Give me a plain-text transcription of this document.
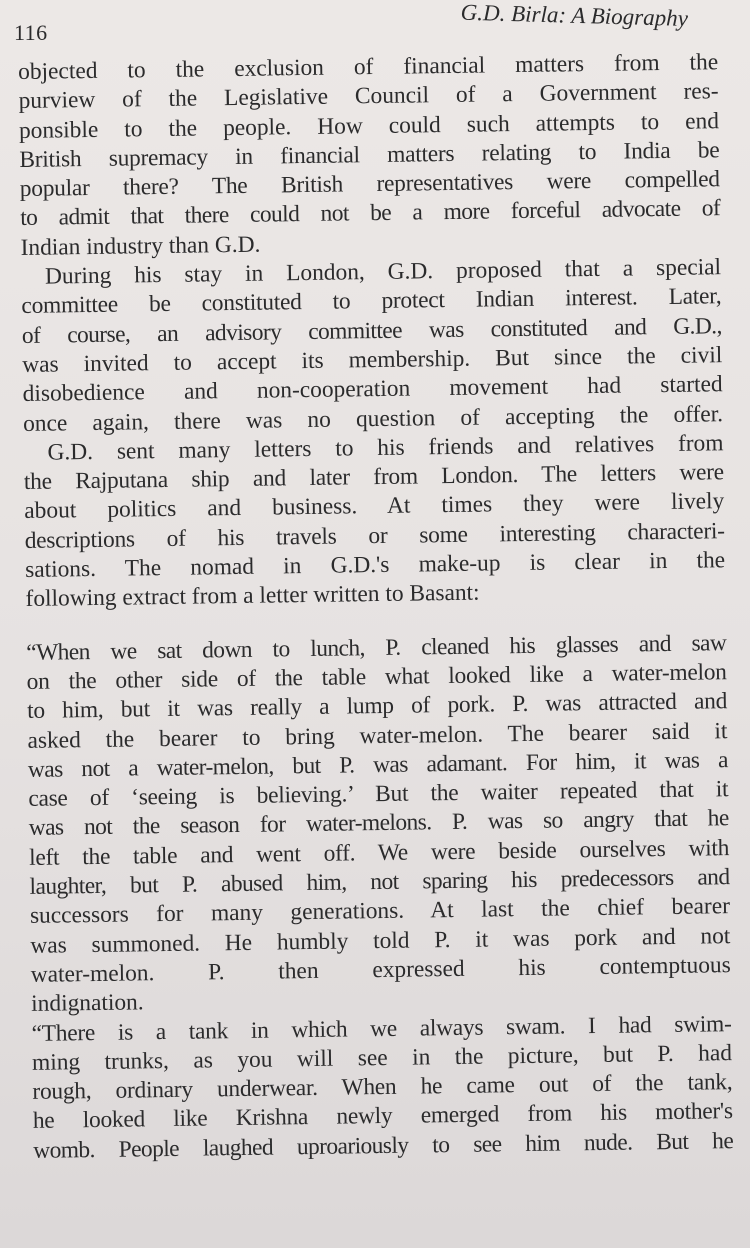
116
G.D. Birla: A Biography
objected to the exclusion of financial matters from the
purview of the Legislative Council of a Government res-
ponsible to the people. How could such attempts to end
British supremacy in financial matters relating to India be
popular there? The British representatives were compelled
to admit that there could not be a more forceful advocate of
Indian industry than G.D.
During his stay in London, G.D. proposed that a special
committee be constituted to protect Indian interest. Later,
of course, an advisory committee was constituted and G.D.,
was invited to accept its membership. But since the civil
disobedience and non-cooperation movement had started
once again, there was no question of accepting the offer.
G.D. sent many letters to his friends and relatives from
the Rajputana ship and later from London. The letters were
about politics and business. At times they were lively
descriptions of his travels or some interesting characteri-
sations. The nomad in G.D.'s make-up is clear in the
following extract from a letter written to Basant:
“When we sat down to lunch, P. cleaned his glasses and saw
on the other side of the table what looked like a water-melon
to him, but it was really a lump of pork. P. was attracted and
asked the bearer to bring water-melon. The bearer said it
was not a water-melon, but P. was adamant. For him, it was a
case of ‘seeing is believing.’ But the waiter repeated that it
was not the season for water-melons. P. was so angry that he
left the table and went off. We were beside ourselves with
laughter, but P. abused him, not sparing his predecessors and
successors for many generations. At last the chief bearer
was summoned. He humbly told P. it was pork and not
water-melon. P. then expressed his contemptuous
indignation.
“There is a tank in which we always swam. I had swim-
ming trunks, as you will see in the picture, but P. had
rough, ordinary underwear. When he came out of the tank,
he looked like Krishna newly emerged from his mother's
womb. People laughed uproariously to see him nude. But he
